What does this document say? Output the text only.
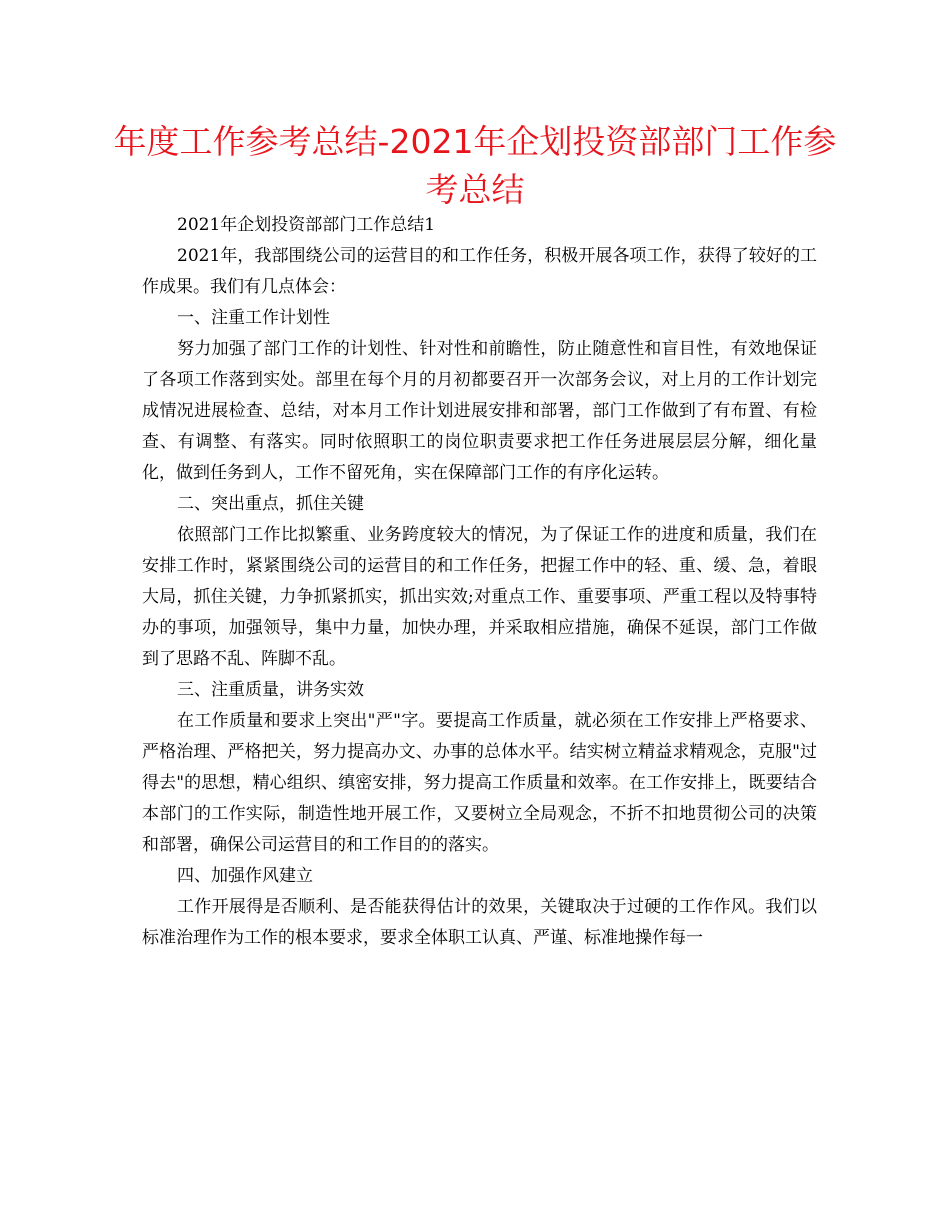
年度工作参考总结-2021年企划投资部部门工作参考总结

2021年企划投资部部门工作总结1

2021年，我部围绕公司的运营目的和工作任务，积极开展各项工作，获得了较好的工作成果。我们有几点体会：

一、注重工作计划性

努力加强了部门工作的计划性、针对性和前瞻性，防止随意性和盲目性，有效地保证了各项工作落到实处。部里在每个月的月初都要召开一次部务会议，对上月的工作计划完成情况进展检查、总结，对本月工作计划进展安排和部署，部门工作做到了有布置、有检查、有调整、有落实。同时依照职工的岗位职责要求把工作任务进展层层分解，细化量化，做到任务到人，工作不留死角，实在保障部门工作的有序化运转。

二、突出重点，抓住关键

依照部门工作比拟繁重、业务跨度较大的情况，为了保证工作的进度和质量，我们在安排工作时，紧紧围绕公司的运营目的和工作任务，把握工作中的轻、重、缓、急，着眼大局，抓住关键，力争抓紧抓实，抓出实效;对重点工作、重要事项、严重工程以及特事特办的事项，加强领导，集中力量，加快办理，并采取相应措施，确保不延误，部门工作做到了思路不乱、阵脚不乱。

三、注重质量，讲务实效

在工作质量和要求上突出"严"字。要提高工作质量，就必须在工作安排上严格要求、严格治理、严格把关，努力提高办文、办事的总体水平。结实树立精益求精观念，克服"过得去"的思想，精心组织、缜密安排，努力提高工作质量和效率。在工作安排上，既要结合本部门的工作实际，制造性地开展工作，又要树立全局观念，不折不扣地贯彻公司的决策和部署，确保公司运营目的和工作目的的落实。

四、加强作风建立

工作开展得是否顺利、是否能获得估计的效果，关键取决于过硬的工作作风。我们以标准治理作为工作的根本要求，要求全体职工认真、严谨、标准地操作每一
